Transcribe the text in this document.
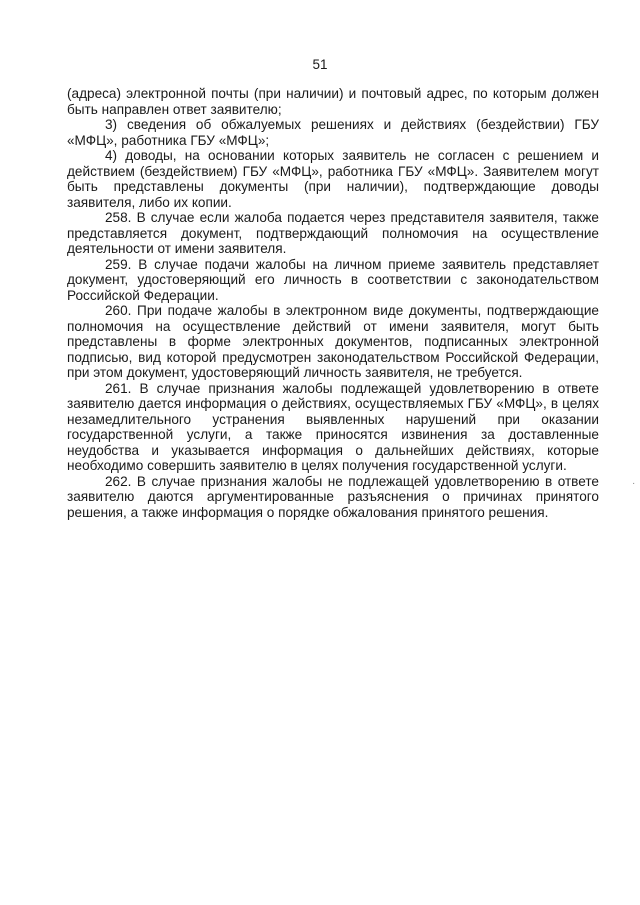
51

(адреса) электронной почты (при наличии) и почтовый адрес, по которым должен быть направлен ответ заявителю;

3) сведения об обжалуемых решениях и действиях (бездействии) ГБУ «МФЦ», работника ГБУ «МФЦ»;

4) доводы, на основании которых заявитель не согласен с решением и действием (бездействием) ГБУ «МФЦ», работника ГБУ «МФЦ». Заявителем могут быть представлены документы (при наличии), подтверждающие доводы заявителя, либо их копии.

258. В случае если жалоба подается через представителя заявителя, также представляется документ, подтверждающий полномочия на осуществление деятельности от имени заявителя.

259. В случае подачи жалобы на личном приеме заявитель представляет документ, удостоверяющий его личность в соответствии с законодательством Российской Федерации.

260. При подаче жалобы в электронном виде документы, подтверждающие полномочия на осуществление действий от имени заявителя, могут быть представлены в форме электронных документов, подписанных электронной подписью, вид которой предусмотрен законодательством Российской Федерации, при этом документ, удостоверяющий личность заявителя, не требуется.

261. В случае признания жалобы подлежащей удовлетворению в ответе заявителю дается информация о действиях, осуществляемых ГБУ «МФЦ», в целях незамедлительного устранения выявленных нарушений при оказании государственной услуги, а также приносятся извинения за доставленные неудобства и указывается информация о дальнейших действиях, которые необходимо совершить заявителю в целях получения государственной услуги.

262. В случае признания жалобы не подлежащей удовлетворению в ответе заявителю даются аргументированные разъяснения о причинах принятого решения, а также информация о порядке обжалования принятого решения.

·
